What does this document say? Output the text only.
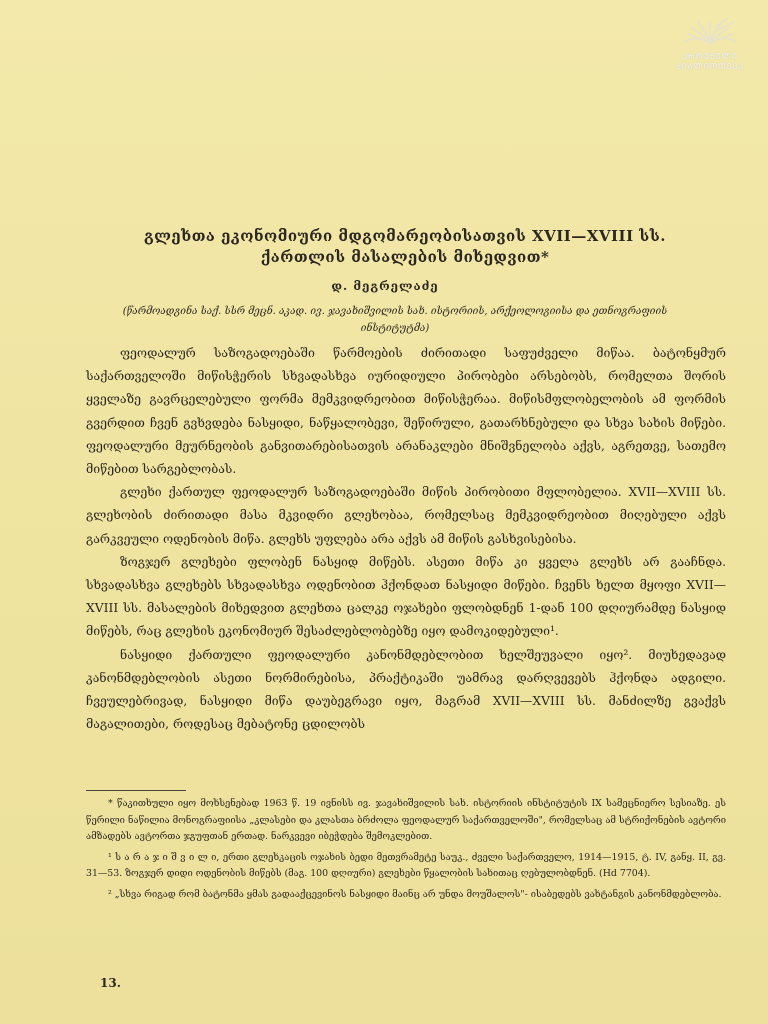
ᲔᲠᲝᲕᲜᲣᲚᲘ
ᲑᲘᲑᲚᲘᲝᲗᲔᲙᲐ
გლეხთა ეკონომიური მდგომარეობისათვის XVII—XVIII სს.
ქართლის მასალების მიხედვით*
დ. მეგრელაძე
(წარმოადგინა საქ. სსრ მეცნ. აკად. ივ. ჯავახიშვილის სახ. ისტორიის, არქეოლოგიისა და ეთნოგრაფიის ინსტიტუტმა)

ფეოდალურ საზოგადოებაში წარმოების ძირითადი საფუძველი მიწაა. ბატონყმურ საქართველოში მიწისჭერის სხვადასხვა იურიდიული პირობები არსებობს, რომელთა შორის ყველაზე გავრცელებული ფორმა მემკვიდრეობით მიწისჭერაა. მიწისმფლობელობის ამ ფორმის გვერდით ჩვენ გვხვდება ნასყიდი, ნაწყალობევი, შეწირული, გათარხნებული და სხვა სახის მიწები. ფეოდალური მეურნეობის განვითარებისათვის არანაკლები მნიშვნელობა აქვს, აგრეთვე, სათემო მიწებით სარგებლობას.

გლეხი ქართულ ფეოდალურ საზოგადოებაში მიწის პირობითი მფლობელია. XVII—XVIII სს. გლეხობის ძირითადი მასა მკვიდრი გლეხობაა, რომელსაც მემკვიდრეობით მიღებული აქვს გარკვეული ოდენობის მიწა. გლეხს უფლება არა აქვს ამ მიწის გასხვისებისა.

ზოგჯერ გლეხები ფლობენ ნასყიდ მიწებს. ასეთი მიწა კი ყველა გლეხს არ გააჩნდა. სხვადასხვა გლეხებს სხვადასხვა ოდენობით ჰქონდათ ნასყიდი მიწები. ჩვენს ხელთ მყოფი XVII—XVIII სს. მასალების მიხედვით გლეხთა ცალკე ოჯახები ფლობდნენ 1-დან 100 დღიურამდე ნასყიდ მიწებს, რაც გლეხის ეკონომიურ შესაძლებლობებზე იყო დამოკიდებული¹.

ნასყიდი ქართული ფეოდალური კანონმდებლობით ხელშეუვალი იყო². მიუხედავად კანონმდებლობის ასეთი ნორმირებისა, პრაქტიკაში უამრავ დარღვევებს ჰქონდა ადგილი. ჩვეულებრივად, ნასყიდი მიწა დაუბეგრავი იყო, მაგრამ XVII—XVIII სს. მანძილზე გვაქვს მაგალითები, როდესაც მებატონე ცდილობს

* წაკითხული იყო მოხსენებად 1963 წ. 19 ივნისს ივ. ჯავახიშვილის სახ. ისტორიის ინსტიტუტის IX სამეცნიერო სესიაზე. ეს წერილი ნაწილია მონოგრაფიისა „კლასები და კლასთა ბრძოლა ფეოდალურ საქართველოში", რომელსაც ამ სტრიქონების ავტორი ამზადებს ავტორთა ჯგუფთან ერთად. ნარკვევი იბეჭდება შემოკლებით.

¹ ს ა რ ა ჯ ი შ ვ ი ლ ი, ერთი გლეხკაცის ოჯახის ბედი მეთვრამეტე საუკ., ძველი საქართველო, 1914—1915, ტ. IV, განყ. II, გვ. 31—53. ზოგჯერ დიდი ოდენობის მიწებს (მაგ. 100 დღიური) გლეხები წყალობის სახითაც ღებულობდნენ. (Hd 7704).

² „სხვა რიგად რომ ბატონმა ყმას გადააქცევინოს ნასყიდი მაინც არ უნდა მოუშალოს"- ისაბედებს ვახტანგის კანონმდებლობა.

13.
